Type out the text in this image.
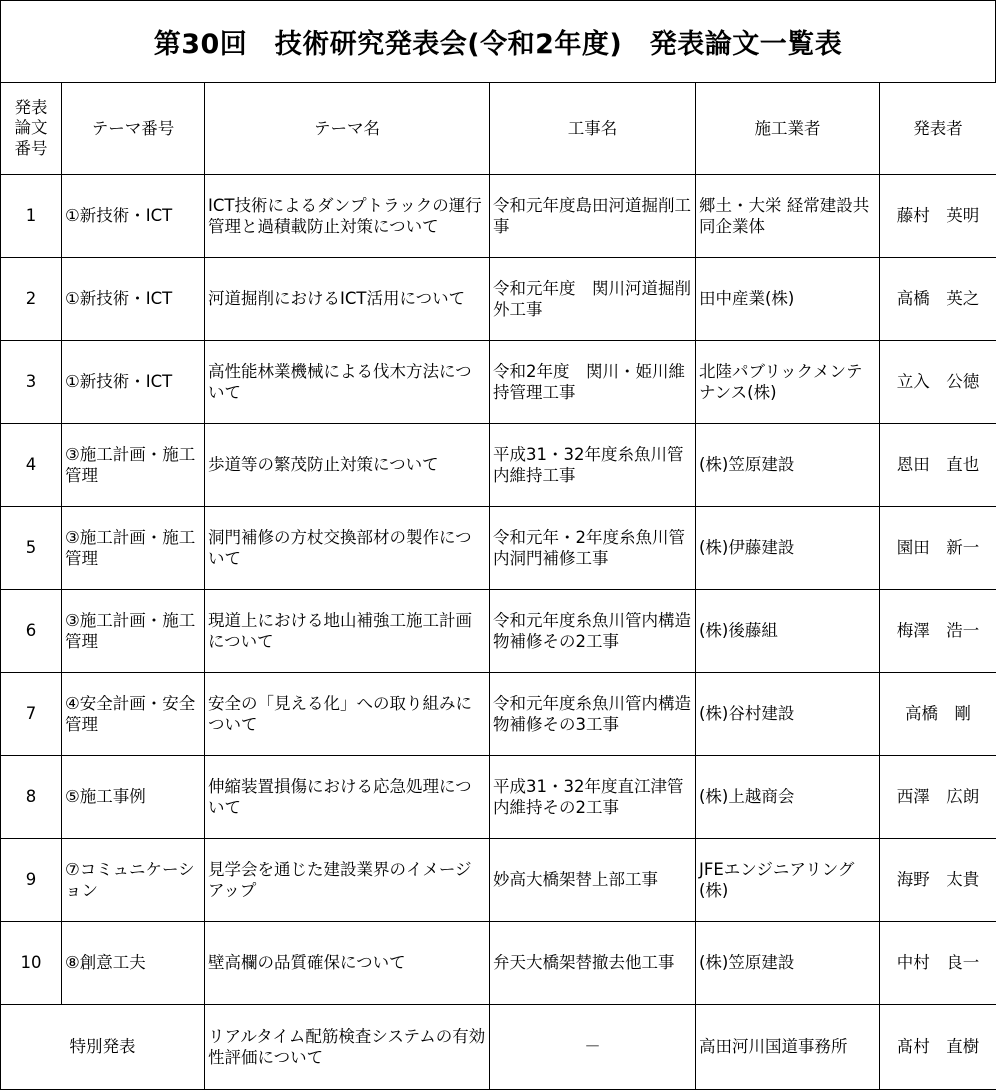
第30回　技術研究発表会(令和2年度)　発表論文一覧表
発表
論文
番号	テーマ番号	テーマ名	工事名	施工業者	発表者
1	①新技術・ICT	ICT技術によるダンプトラックの運行管理と過積載防止対策について	令和元年度島田河道掘削工事	郷土・大栄 経常建設共同企業体	藤村　英明
2	①新技術・ICT	河道掘削におけるICT活用について	令和元年度　関川河道掘削外工事	田中産業(株)	高橋　英之
3	①新技術・ICT	高性能林業機械による伐木方法について	令和2年度　関川・姫川維持管理工事	北陸パブリックメンテナンス(株)	立入　公徳
4	③施工計画・施工管理	歩道等の繁茂防止対策について	平成31・32年度糸魚川管内維持工事	(株)笠原建設	恩田　直也
5	③施工計画・施工管理	洞門補修の方杖交換部材の製作について	令和元年・2年度糸魚川管内洞門補修工事	(株)伊藤建設	園田　新一
6	③施工計画・施工管理	現道上における地山補強工施工計画について	令和元年度糸魚川管内構造物補修その2工事	(株)後藤組	梅澤　浩一
7	④安全計画・安全管理	安全の「見える化」への取り組みについて	令和元年度糸魚川管内構造物補修その3工事	(株)谷村建設	高橋　剛
8	⑤施工事例	伸縮装置損傷における応急処理について	平成31・32年度直江津管内維持その2工事	(株)上越商会	西澤　広朗
9	⑦コミュニケーション	見学会を通じた建設業界のイメージアップ	妙高大橋架替上部工事	JFEエンジニアリング(株)	海野　太貴
10	⑧創意工夫	壁高欄の品質確保について	弁天大橋架替撤去他工事	(株)笠原建設	中村　良一
特別発表		リアルタイム配筋検査システムの有効性評価について	－	高田河川国道事務所	髙村　直樹
